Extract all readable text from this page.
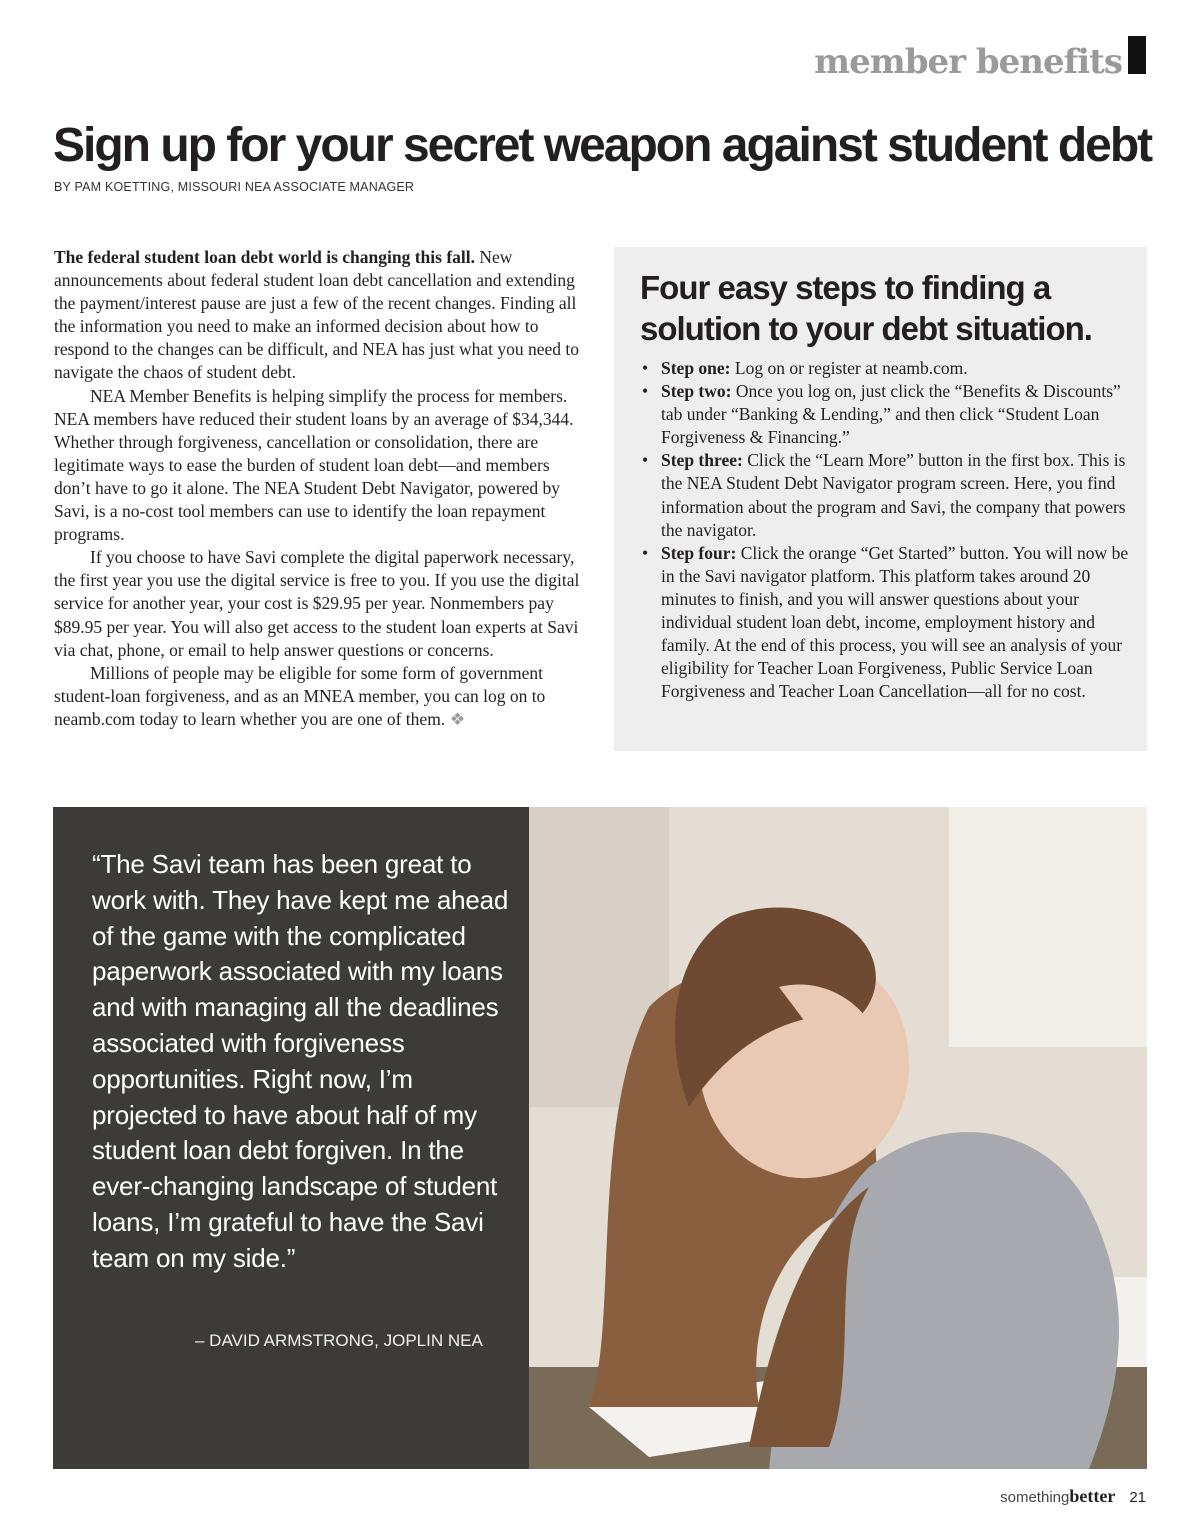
member benefits
Sign up for your secret weapon against student debt
BY PAM KOETTING, MISSOURI NEA ASSOCIATE MANAGER

The federal student loan debt world is changing this fall. New announcements about federal student loan debt cancellation and extending the payment/interest pause are just a few of the recent changes. Finding all the information you need to make an informed decision about how to respond to the changes can be difficult, and NEA has just what you need to navigate the chaos of student debt.

NEA Member Benefits is helping simplify the process for members. NEA members have reduced their student loans by an average of $34,344. Whether through forgiveness, cancellation or consolidation, there are legitimate ways to ease the burden of student loan debt—and members don’t have to go it alone. The NEA Student Debt Navigator, powered by Savi, is a no-cost tool members can use to identify the loan repayment programs.

If you choose to have Savi complete the digital paperwork necessary, the first year you use the digital service is free to you. If you use the digital service for another year, your cost is $29.95 per year. Nonmembers pay $89.95 per year. You will also get access to the student loan experts at Savi via chat, phone, or email to help answer questions or concerns.

Millions of people may be eligible for some form of government student-loan forgiveness, and as an MNEA member, you can log on to neamb.com today to learn whether you are one of them. ❖

Four easy steps to finding a solution to your debt situation.
• Step one: Log on or register at neamb.com.
• Step two: Once you log on, just click the “Benefits & Discounts” tab under “Banking & Lending,” and then click “Student Loan Forgiveness & Financing.”
• Step three: Click the “Learn More” button in the first box. This is the NEA Student Debt Navigator program screen. Here, you find information about the program and Savi, the company that powers the navigator.
• Step four: Click the orange “Get Started” button. You will now be in the Savi navigator platform. This platform takes around 20 minutes to finish, and you will answer questions about your individual student loan debt, income, employment history and family. At the end of this process, you will see an analysis of your eligibility for Teacher Loan Forgiveness, Public Service Loan Forgiveness and Teacher Loan Cancellation—all for no cost.

“The Savi team has been great to work with. They have kept me ahead of the game with the complicated paperwork associated with my loans and with managing all the deadlines associated with forgiveness opportunities. Right now, I’m projected to have about half of my student loan debt forgiven. In the ever-changing landscape of student loans, I’m grateful to have the Savi team on my side.”

– DAVID ARMSTRONG, JOPLIN NEA
somethingbetter 21
